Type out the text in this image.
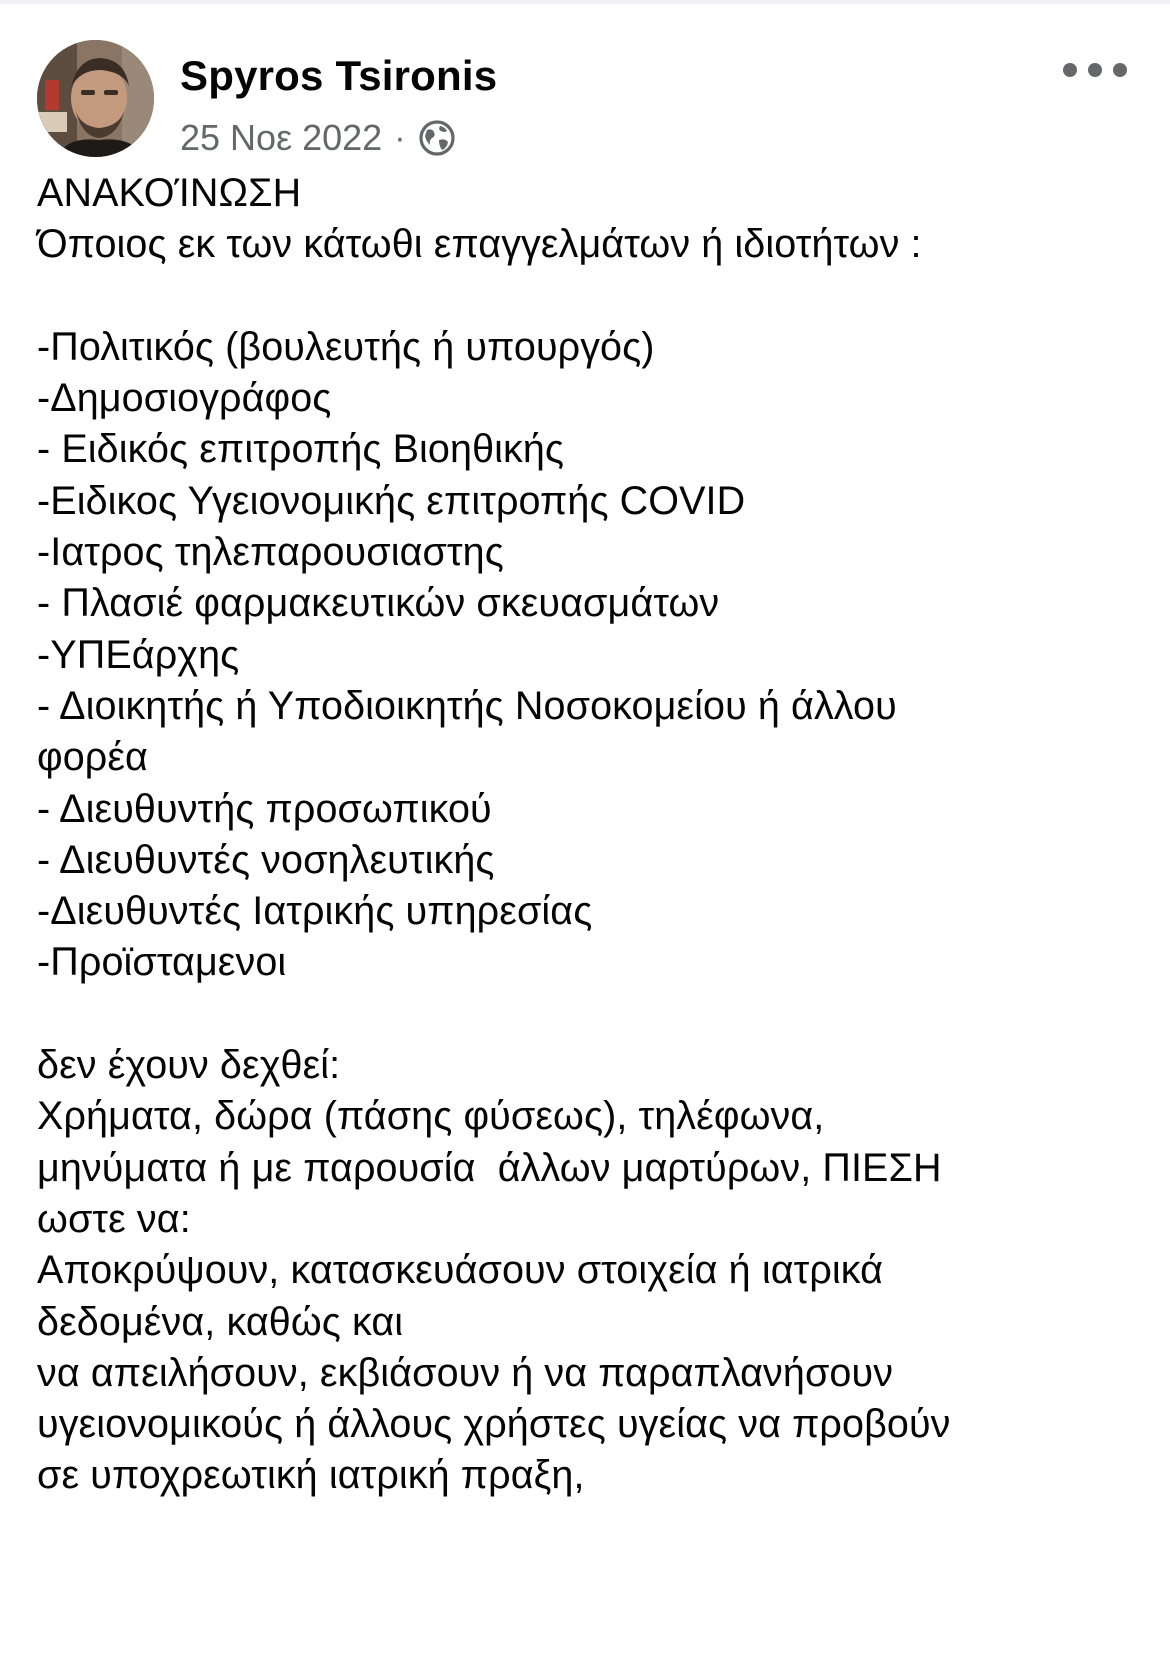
Spyros Tsironis
25 Νοε 2022 ·
ΑΝΑΚΟΊΝΩΣΗ
Όποιος εκ των κάτωθι επαγγελμάτων ή ιδιοτήτων :
-Πολιτικός (βουλευτής ή υπουργός)
-Δημοσιογράφος
- Ειδικός επιτροπής Βιοηθικής
-Ειδικος Υγειονομικής επιτροπής COVID
-Ιατρος τηλεπαρουσιαστης
- Πλασιέ φαρμακευτικών σκευασμάτων
-ΥΠΕάρχης
- Διοικητής ή Υποδιοικητής Νοσοκομείου ή άλλου
φορέα
- Διευθυντής προσωπικού
- Διευθυντές νοσηλευτικής
-Διευθυντές Ιατρικής υπηρεσίας
-Προϊσταμενοι
δεν έχουν δεχθεί:
Χρήματα, δώρα (πάσης φύσεως), τηλέφωνα,
μηνύματα ή με παρουσία  άλλων μαρτύρων, ΠΙΕΣΗ
ωστε να:
Αποκρύψουν, κατασκευάσουν στοιχεία ή ιατρικά
δεδομένα, καθώς και
να απειλήσουν, εκβιάσουν ή να παραπλανήσουν
υγειονομικούς ή άλλους χρήστες υγείας να προβούν
σε υποχρεωτική ιατρική πραξη,
